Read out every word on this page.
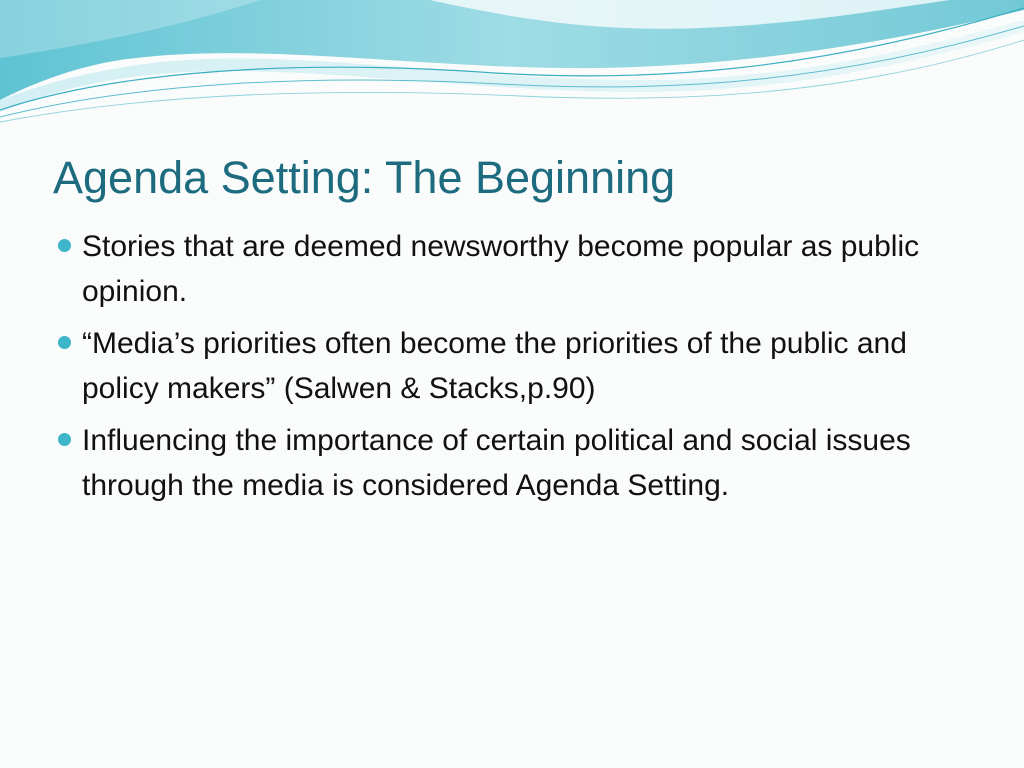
Agenda Setting: The Beginning
Stories that are deemed newsworthy become popular as public opinion.
“Media’s priorities often become the priorities of the public and policy makers” (Salwen & Stacks,p.90)
Influencing the importance of certain political and social issues through the media is considered Agenda Setting.
